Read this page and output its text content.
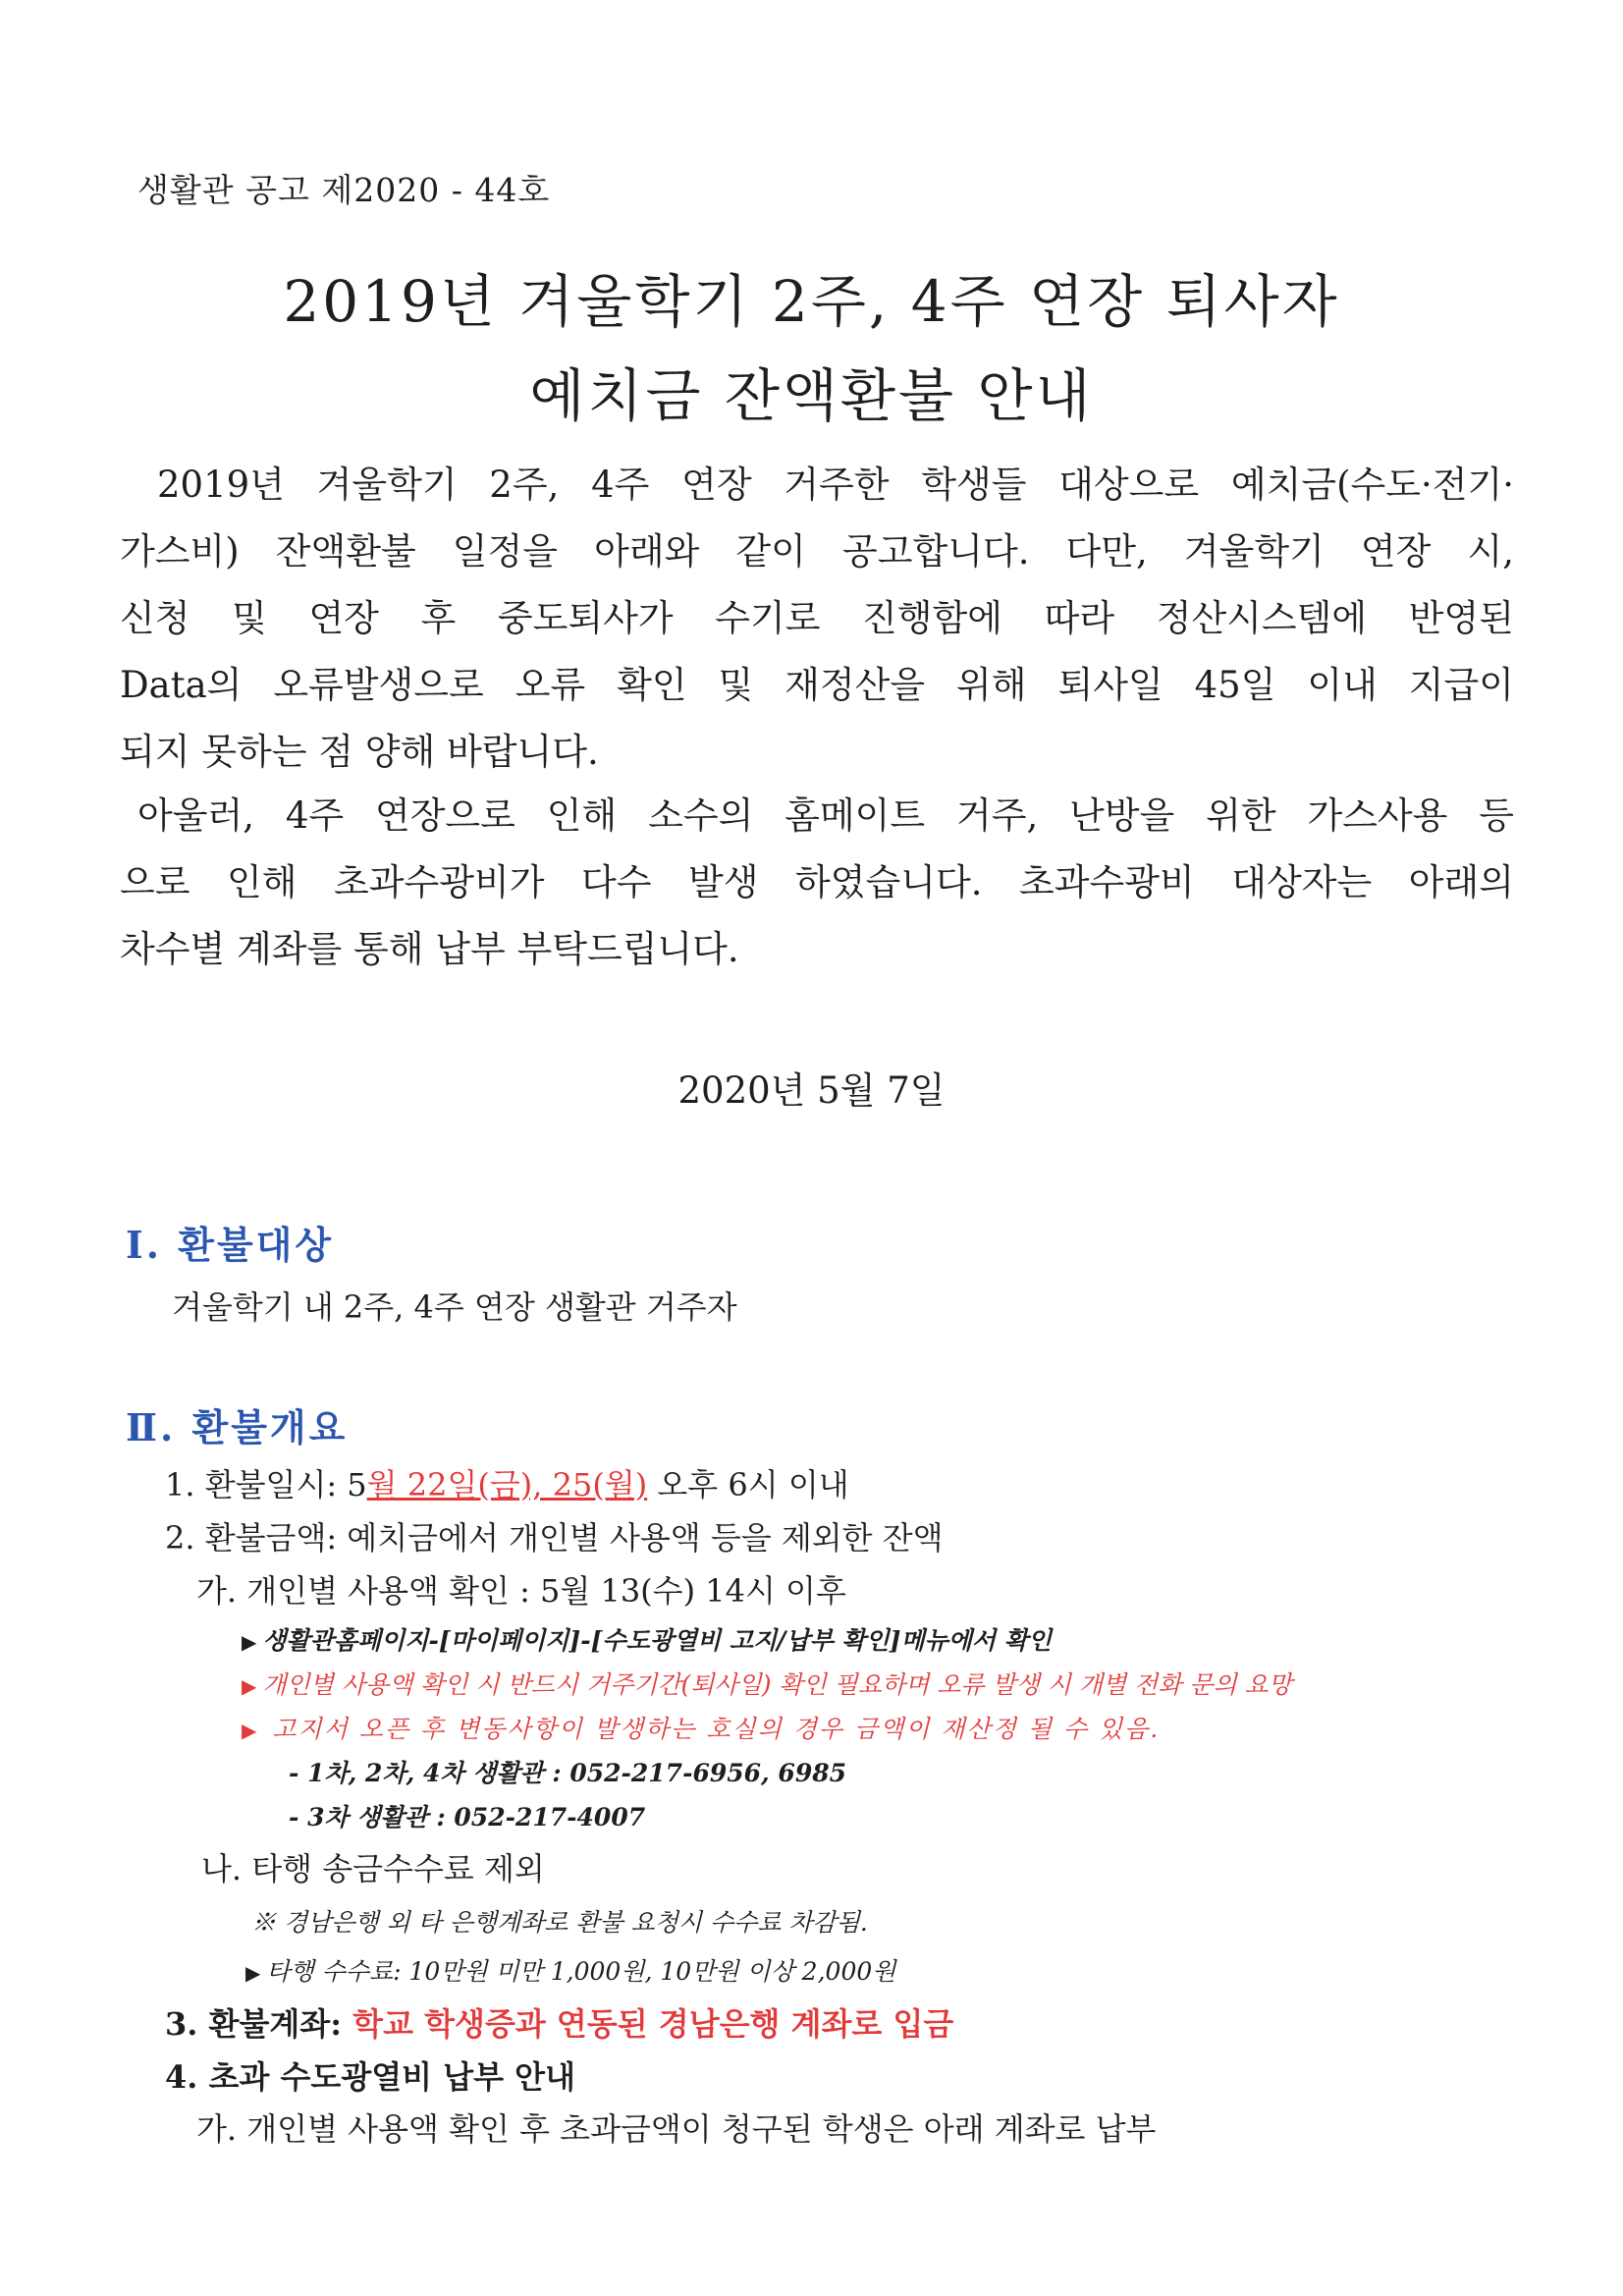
생활관 공고 제2020 - 44호
2019년 겨울학기 2주, 4주 연장 퇴사자
예치금 잔액환불 안내
2019년 겨울학기 2주, 4주 연장 거주한 학생들 대상으로 예치금(수도·전기·
가스비) 잔액환불 일정을 아래와 같이 공고합니다. 다만, 겨울학기 연장 시,
신청 및 연장 후 중도퇴사가 수기로 진행함에 따라 정산시스템에 반영된
Data의 오류발생으로 오류 확인 및 재정산을 위해 퇴사일 45일 이내 지급이
되지 못하는 점 양해 바랍니다.
아울러, 4주 연장으로 인해 소수의 홈메이트 거주, 난방을 위한 가스사용 등
으로 인해 초과수광비가 다수 발생 하였습니다. 초과수광비 대상자는 아래의
차수별 계좌를 통해 납부 부탁드립니다.
2020년 5월 7일
Ⅰ. 환불대상
겨울학기 내 2주, 4주 연장 생활관 거주자
Ⅱ. 환불개요
1. 환불일시: 5월 22일(금), 25(월) 오후 6시 이내
2. 환불금액: 예치금에서 개인별 사용액 등을 제외한 잔액
가. 개인별 사용액 확인 : 5월 13(수) 14시 이후
▶ 생활관홈페이지-[마이페이지]-[수도광열비 고지/납부 확인]메뉴에서 확인
▶ 개인별 사용액 확인 시 반드시 거주기간(퇴사일) 확인 필요하며 오류 발생 시 개별 전화 문의 요망
▶ 고지서 오픈 후 변동사항이 발생하는 호실의 경우 금액이 재산정 될 수 있음.
- 1차, 2차, 4차 생활관 : 052-217-6956, 6985
- 3차 생활관 : 052-217-4007
나. 타행 송금수수료 제외
※ 경남은행 외 타 은행계좌로 환불 요청시 수수료 차감됨.
▶ 타행 수수료: 10만원 미만 1,000원, 10만원 이상 2,000원
3. 환불계좌: 학교 학생증과 연동된 경남은행 계좌로 입금
4. 초과 수도광열비 납부 안내
가. 개인별 사용액 확인 후 초과금액이 청구된 학생은 아래 계좌로 납부
